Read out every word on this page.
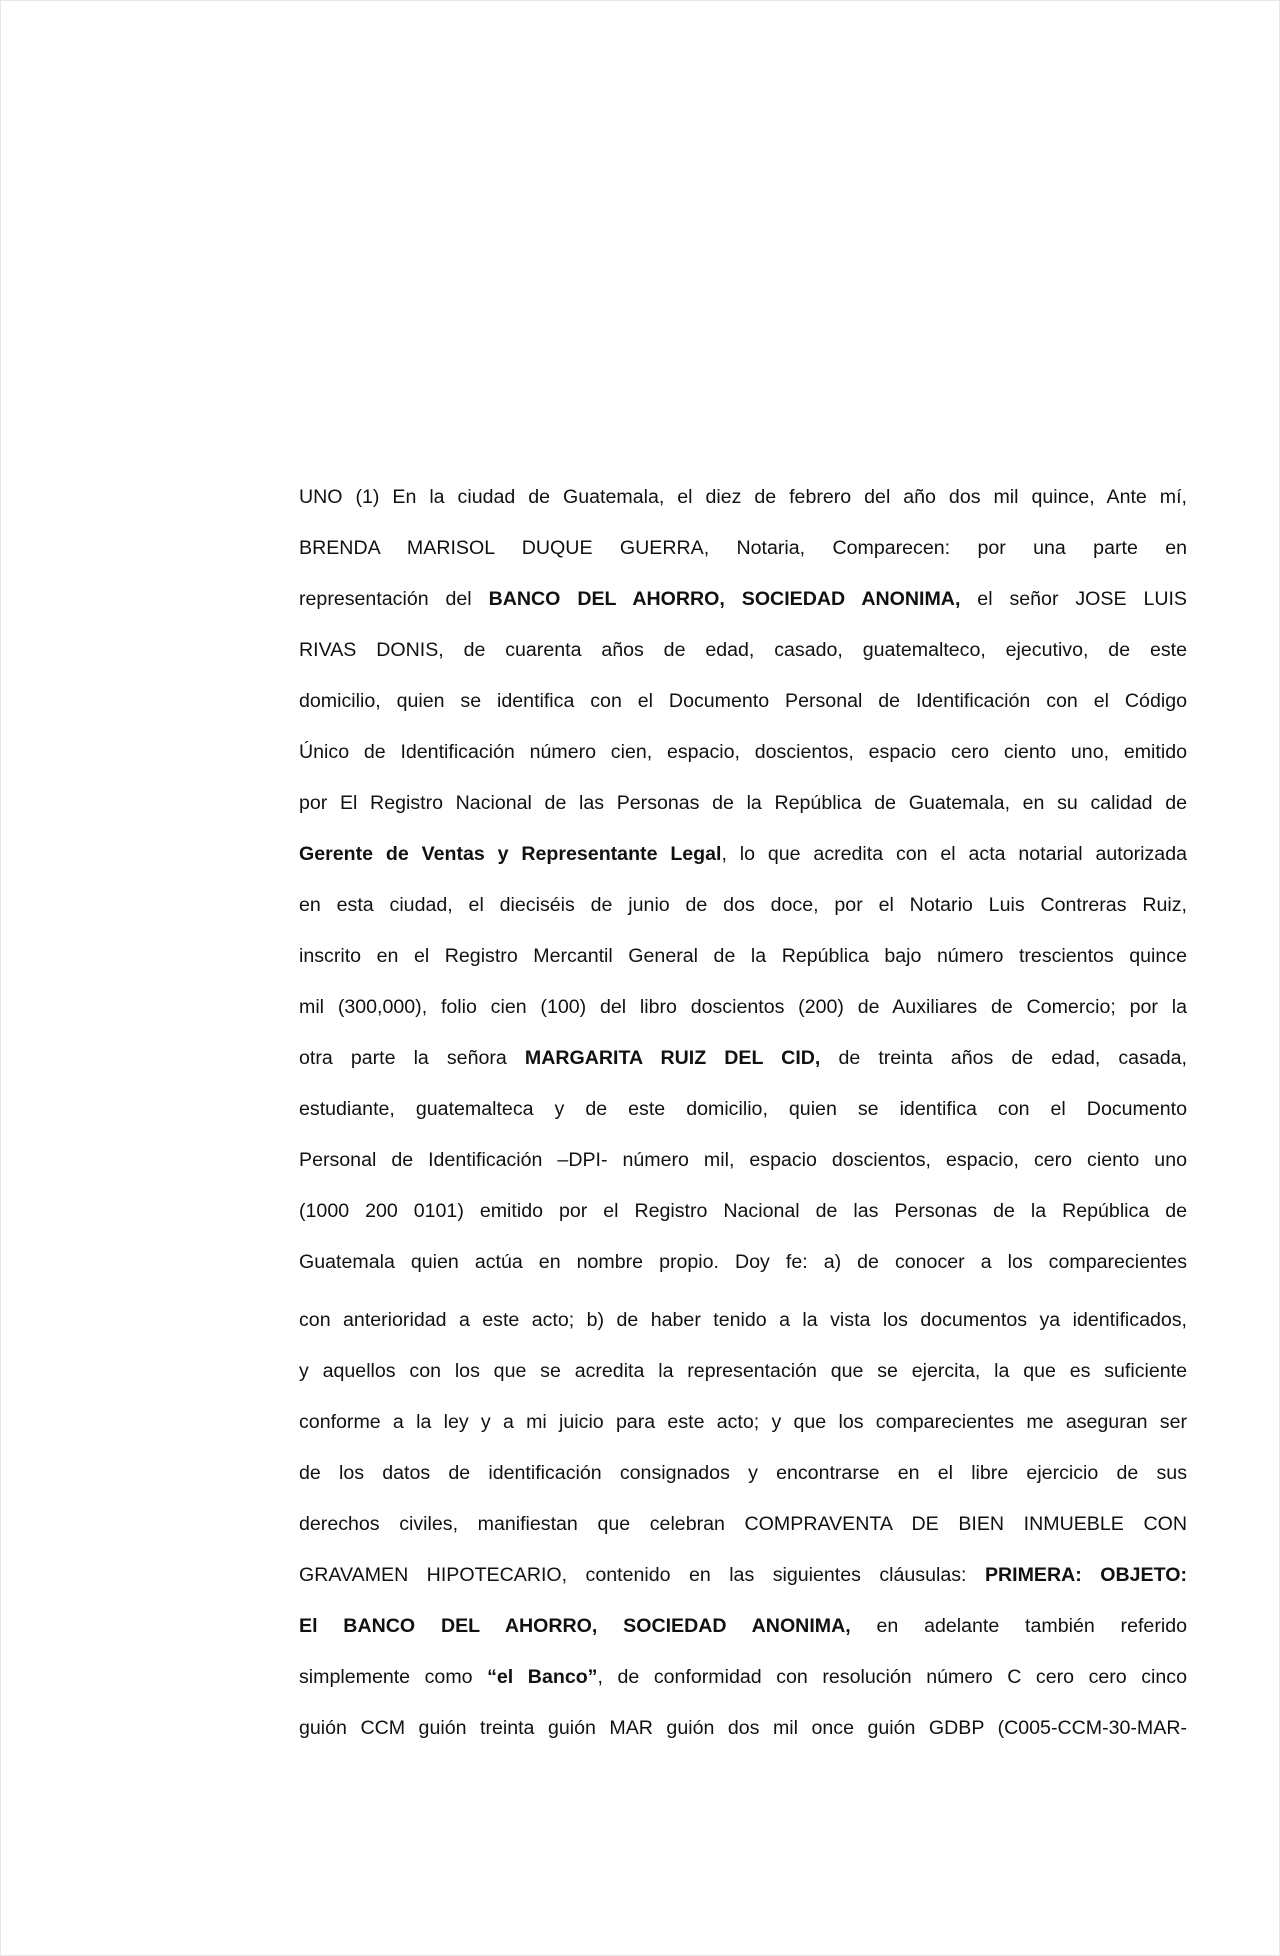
UNO (1) En la ciudad de Guatemala, el diez de febrero del año dos mil quince, Ante mí,
BRENDA MARISOL DUQUE GUERRA, Notaria, Comparecen: por una parte en
representación del BANCO DEL AHORRO, SOCIEDAD ANONIMA, el señor JOSE LUIS
RIVAS DONIS, de cuarenta años de edad, casado, guatemalteco, ejecutivo, de este
domicilio, quien se identifica con el Documento Personal de Identificación con el Código
Único de Identificación número cien, espacio, doscientos, espacio cero ciento uno, emitido
por El Registro Nacional de las Personas de la República de Guatemala, en su calidad de
Gerente de Ventas y Representante Legal, lo que acredita con el acta notarial autorizada
en esta ciudad, el dieciséis de junio de dos doce, por el Notario Luis Contreras Ruiz,
inscrito en el Registro Mercantil General de la República bajo número trescientos quince
mil (300,000), folio cien (100) del libro doscientos (200) de Auxiliares de Comercio; por la
otra parte la señora MARGARITA RUIZ DEL CID, de treinta años de edad, casada,
estudiante, guatemalteca y de este domicilio, quien se identifica con el Documento
Personal de Identificación –DPI- número mil, espacio doscientos, espacio, cero ciento uno
(1000 200 0101) emitido por el Registro Nacional de las Personas de la República de
Guatemala quien actúa en nombre propio. Doy fe: a) de conocer a los comparecientes
con anterioridad a este acto; b) de haber tenido a la vista los documentos ya identificados,
y aquellos con los que se acredita la representación que se ejercita, la que es suficiente
conforme a la ley y a mi juicio para este acto; y que los comparecientes me aseguran ser
de los datos de identificación consignados y encontrarse en el libre ejercicio de sus
derechos civiles, manifiestan que celebran COMPRAVENTA DE BIEN INMUEBLE CON
GRAVAMEN HIPOTECARIO, contenido en las siguientes cláusulas: PRIMERA: OBJETO:
El BANCO DEL AHORRO, SOCIEDAD ANONIMA, en adelante también referido
simplemente como “el Banco”, de conformidad con resolución número C cero cero cinco
guión CCM guión treinta guión MAR guión dos mil once guión GDBP (C005-CCM-30-MAR-
